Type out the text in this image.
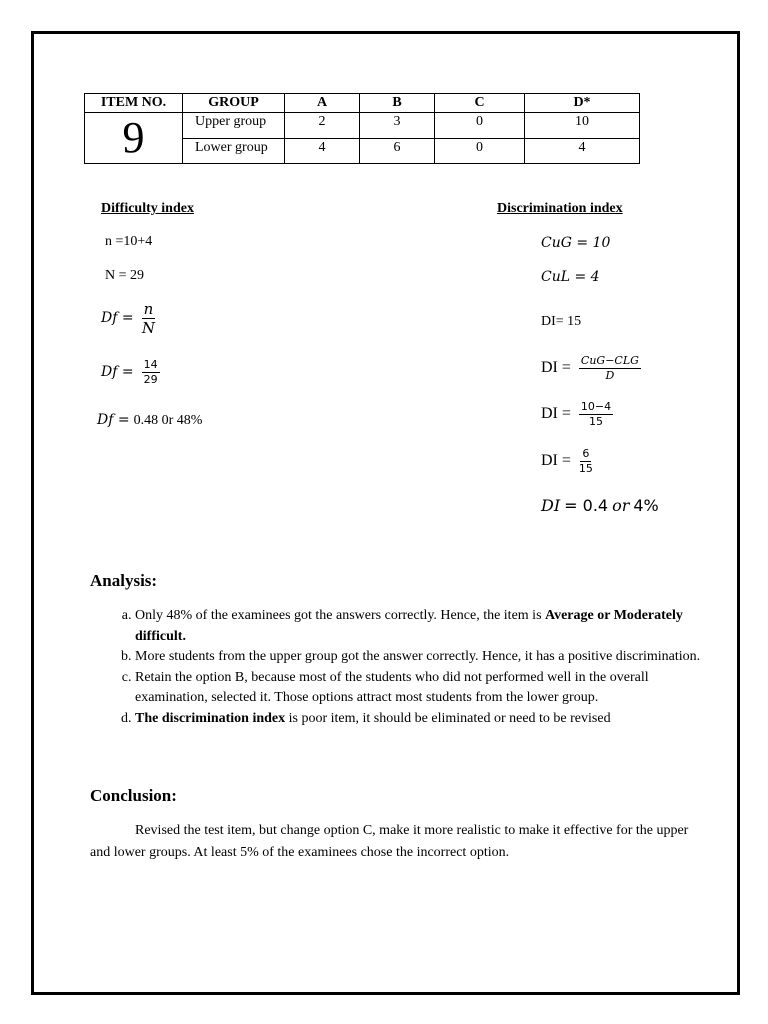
ITEM NO.	GROUP	A	B	C	D*
9	Upper group	2	3	0	10
	Lower group	4	6	0	4
Difficulty index
n =10+4
N = 29
$Df = \frac{n}{N}$
$Df = \frac{14}{29}$
Df = 0.48 0r 48%
Discrimination index
CuG = 10
CuL = 4
DI= 15
DI = $\frac{\text{CuG−CLG}}{D}$
DI = $\frac{10-4}{15}$
DI = $\frac{6}{15}$
DI = 0.4 or 4%
Analysis:
a. Only 48% of the examinees got the answers correctly. Hence, the item is Average or Moderately difficult.
b. More students from the upper group got the answer correctly. Hence, it has a positive discrimination.
c. Retain the option B, because most of the students who did not performed well in the overall examination, selected it. Those options attract most students from the lower group.
d. The discrimination index is poor item, it should be eliminated or need to be revised
Conclusion:

Revised the test item, but change option C, make it more realistic to make it effective for the upper and lower groups. At least 5% of the examinees chose the incorrect option.
